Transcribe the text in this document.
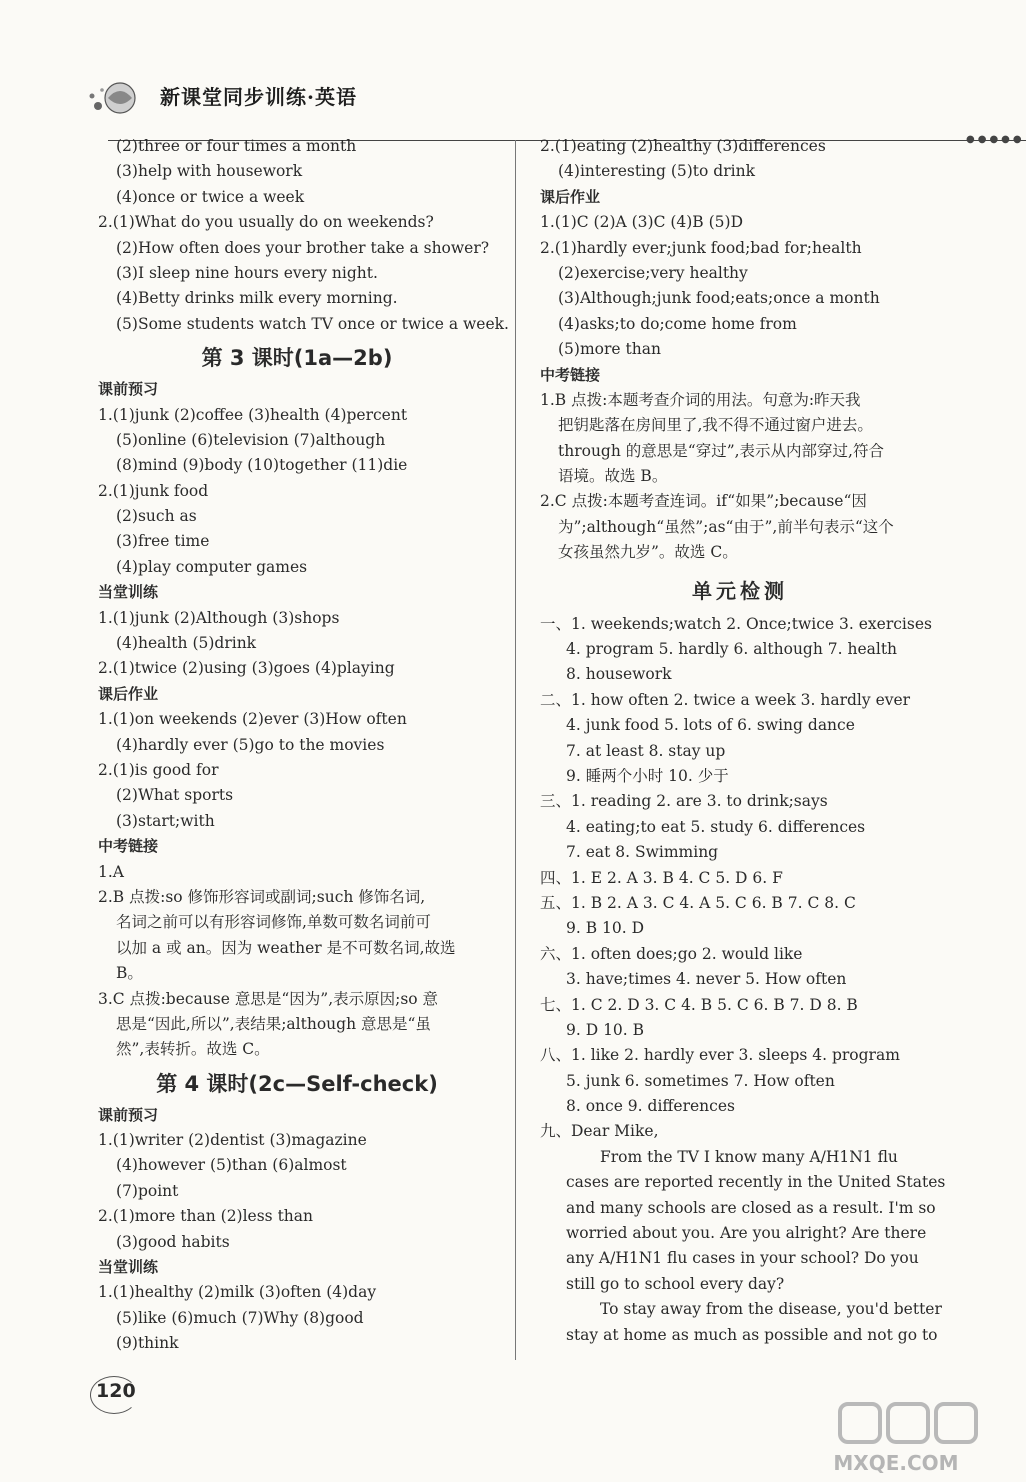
新课堂同步训练·英语
●●●●●
(2)three or four times a month
(3)help with housework
(4)once or twice a week
2.(1)What do you usually do on weekends?
(2)How often does your brother take a shower?
(3)I sleep nine hours every night.
(4)Betty drinks milk every morning.
(5)Some students watch TV once or twice a week.
第 3 课时(1a—2b)
课前预习
1.(1)junk (2)coffee (3)health (4)percent
(5)online (6)television (7)although
(8)mind (9)body (10)together (11)die
2.(1)junk food
(2)such as
(3)free time
(4)play computer games
当堂训练
1.(1)junk (2)Although (3)shops
(4)health (5)drink
2.(1)twice (2)using (3)goes (4)playing
课后作业
1.(1)on weekends (2)ever (3)How often
(4)hardly ever (5)go to the movies
2.(1)is good for
(2)What sports
(3)start;with
中考链接
1.A
2.B 点拨:so 修饰形容词或副词;such 修饰名词,
名词之前可以有形容词修饰,单数可数名词前可
以加 a 或 an。因为 weather 是不可数名词,故选
B。
3.C 点拨:because 意思是“因为”,表示原因;so 意
思是“因此,所以”,表结果;although 意思是“虽
然”,表转折。故选 C。
第 4 课时(2c—Self-check)
课前预习
1.(1)writer (2)dentist (3)magazine
(4)however (5)than (6)almost
(7)point
2.(1)more than (2)less than
(3)good habits
当堂训练
1.(1)healthy (2)milk (3)often (4)day
(5)like (6)much (7)Why (8)good
(9)think
2.(1)eating (2)healthy (3)differences
(4)interesting (5)to drink
课后作业
1.(1)C (2)A (3)C (4)B (5)D
2.(1)hardly ever;junk food;bad for;health
(2)exercise;very healthy
(3)Although;junk food;eats;once a month
(4)asks;to do;come home from
(5)more than
中考链接
1.B 点拨:本题考查介词的用法。句意为:昨天我
把钥匙落在房间里了,我不得不通过窗户进去。
through 的意思是“穿过”,表示从内部穿过,符合
语境。故选 B。
2.C 点拨:本题考查连词。if“如果”;because“因
为”;although“虽然”;as“由于”,前半句表示“这个
女孩虽然九岁”。故选 C。
单元检测
一、1. weekends;watch 2. Once;twice 3. exercises
4. program 5. hardly 6. although 7. health
8. housework
二、1. how often 2. twice a week 3. hardly ever
4. junk food 5. lots of 6. swing dance
7. at least 8. stay up
9. 睡两个小时 10. 少于
三、1. reading 2. are 3. to drink;says
4. eating;to eat 5. study 6. differences
7. eat 8. Swimming
四、1. E 2. A 3. B 4. C 5. D 6. F
五、1. B 2. A 3. C 4. A 5. C 6. B 7. C 8. C
9. B 10. D
六、1. often does;go 2. would like
3. have;times 4. never 5. How often
七、1. C 2. D 3. C 4. B 5. C 6. B 7. D 8. B
9. D 10. B
八、1. like 2. hardly ever 3. sleeps 4. program
5. junk 6. sometimes 7. How often
8. once 9. differences
九、Dear Mike,
From the TV I know many A/H1N1 flu
cases are reported recently in the United States
and many schools are closed as a result. I'm so
worried about you. Are you alright? Are there
any A/H1N1 flu cases in your school? Do you
still go to school every day?
To stay away from the disease, you'd better
stay at home as much as possible and not go to
120
MXQE.COM
